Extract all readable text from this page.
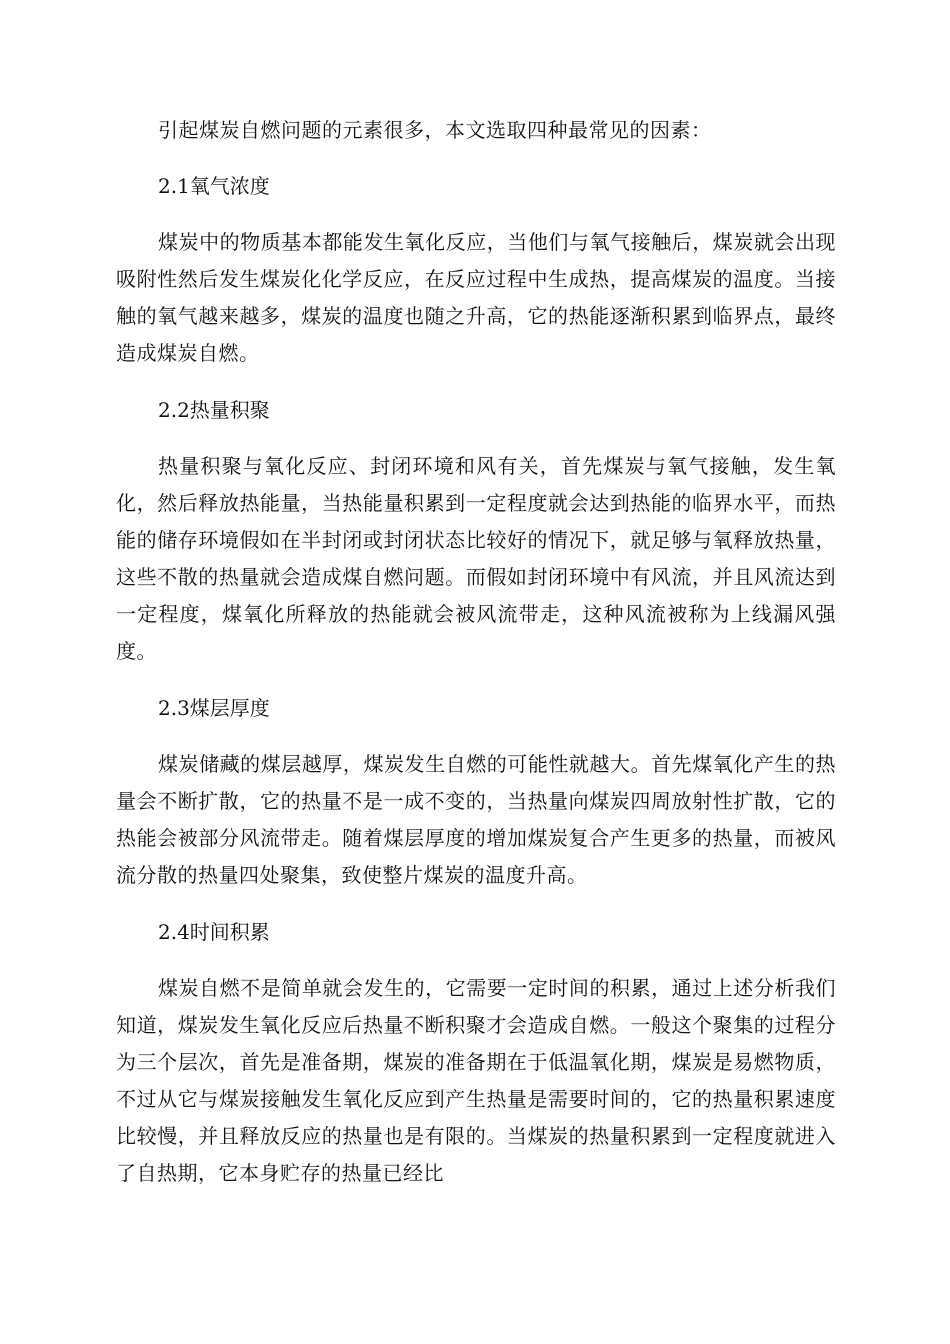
引起煤炭自燃问题的元素很多，本文选取四种最常见的因素：

2.1氧气浓度

煤炭中的物质基本都能发生氧化反应，当他们与氧气接触后，煤炭就会出现吸附性然后发生煤炭化化学反应，在反应过程中生成热，提高煤炭的温度。当接触的氧气越来越多，煤炭的温度也随之升高，它的热能逐渐积累到临界点，最终造成煤炭自燃。

2.2热量积聚

热量积聚与氧化反应、封闭环境和风有关，首先煤炭与氧气接触，发生氧化，然后释放热能量，当热能量积累到一定程度就会达到热能的临界水平，而热能的储存环境假如在半封闭或封闭状态比较好的情况下，就足够与氧释放热量，这些不散的热量就会造成煤自燃问题。而假如封闭环境中有风流，并且风流达到一定程度，煤氧化所释放的热能就会被风流带走，这种风流被称为上线漏风强度。

2.3煤层厚度

煤炭储藏的煤层越厚，煤炭发生自燃的可能性就越大。首先煤氧化产生的热量会不断扩散，它的热量不是一成不变的，当热量向煤炭四周放射性扩散，它的热能会被部分风流带走。随着煤层厚度的增加煤炭复合产生更多的热量，而被风流分散的热量四处聚集，致使整片煤炭的温度升高。

2.4时间积累

煤炭自燃不是简单就会发生的，它需要一定时间的积累，通过上述分析我们知道，煤炭发生氧化反应后热量不断积聚才会造成自燃。一般这个聚集的过程分为三个层次，首先是准备期，煤炭的准备期在于低温氧化期，煤炭是易燃物质，不过从它与煤炭接触发生氧化反应到产生热量是需要时间的，它的热量积累速度比较慢，并且释放反应的热量也是有限的。当煤炭的热量积累到一定程度就进入了自热期，它本身贮存的热量已经比
